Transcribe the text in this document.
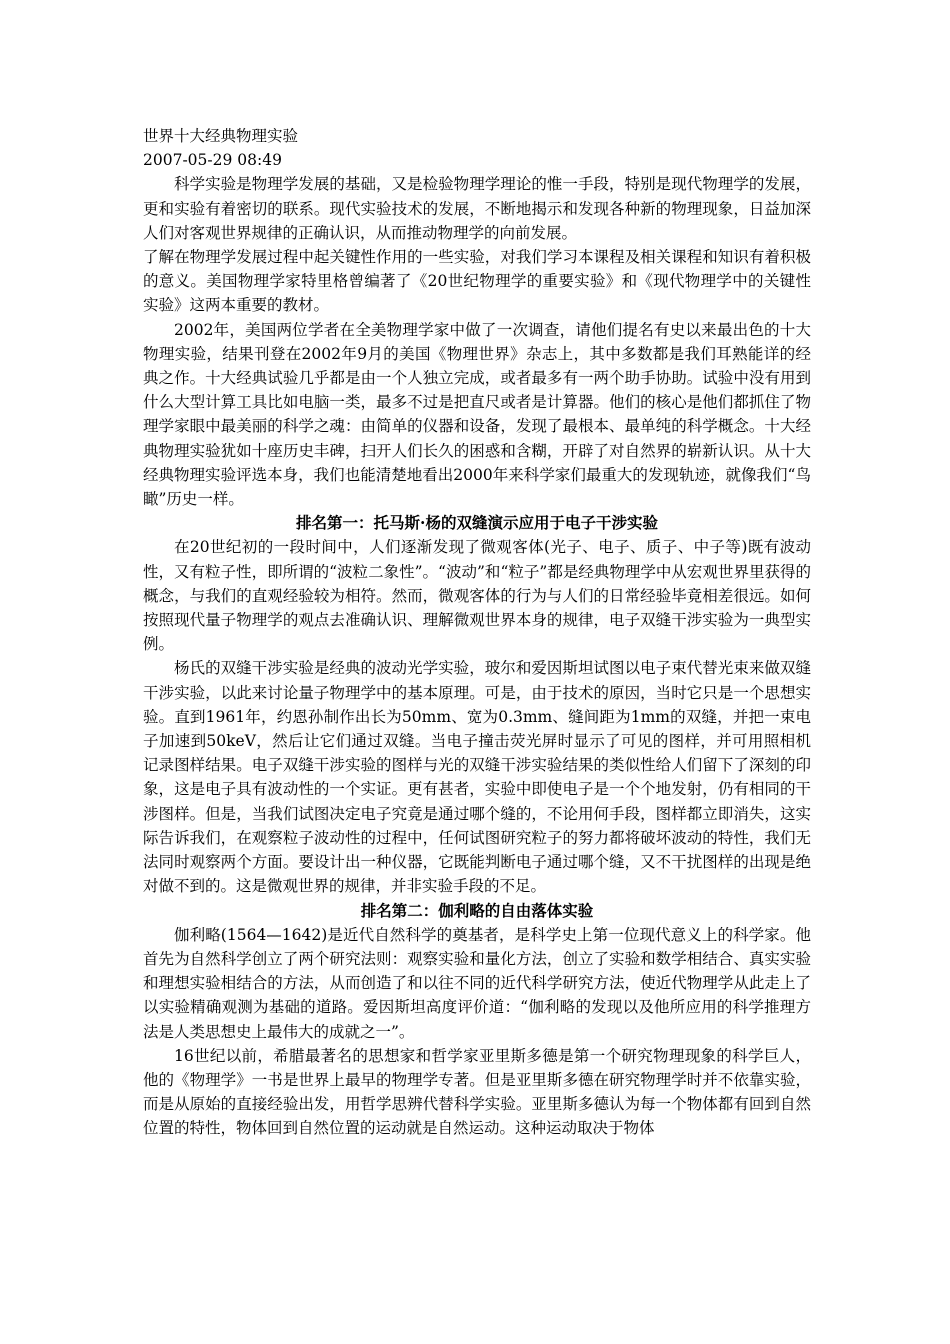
世界十大经典物理实验
2007-05-29 08:49

科学实验是物理学发展的基础，又是检验物理学理论的惟一手段，特别是现代物理学的发展，更和实验有着密切的联系。现代实验技术的发展，不断地揭示和发现各种新的物理现象，日益加深人们对客观世界规律的正确认识，从而推动物理学的向前发展。

了解在物理学发展过程中起关键性作用的一些实验，对我们学习本课程及相关课程和知识有着积极的意义。美国物理学家特里格曾编著了《20世纪物理学的重要实验》和《现代物理学中的关键性实验》这两本重要的教材。

2002年，美国两位学者在全美物理学家中做了一次调查，请他们提名有史以来最出色的十大物理实验，结果刊登在2002年9月的美国《物理世界》杂志上，其中多数都是我们耳熟能详的经典之作。十大经典试验几乎都是由一个人独立完成，或者最多有一两个助手协助。试验中没有用到什么大型计算工具比如电脑一类，最多不过是把直尺或者是计算器。他们的核心是他们都抓住了物理学家眼中最美丽的科学之魂：由简单的仪器和设备，发现了最根本、最单纯的科学概念。十大经典物理实验犹如十座历史丰碑，扫开人们长久的困惑和含糊，开辟了对自然界的崭新认识。从十大经典物理实验评选本身，我们也能清楚地看出2000年来科学家们最重大的发现轨迹，就像我们“鸟瞰”历史一样。

排名第一：托马斯·杨的双缝演示应用于电子干涉实验

在20世纪初的一段时间中，人们逐渐发现了微观客体(光子、电子、质子、中子等)既有波动性，又有粒子性，即所谓的“波粒二象性”。“波动”和“粒子”都是经典物理学中从宏观世界里获得的概念，与我们的直观经验较为相符。然而，微观客体的行为与人们的日常经验毕竟相差很远。如何按照现代量子物理学的观点去准确认识、理解微观世界本身的规律，电子双缝干涉实验为一典型实例。

杨氏的双缝干涉实验是经典的波动光学实验，玻尔和爱因斯坦试图以电子束代替光束来做双缝干涉实验，以此来讨论量子物理学中的基本原理。可是，由于技术的原因，当时它只是一个思想实验。直到1961年，约恩孙制作出长为50mm、宽为0.3mm、缝间距为1mm的双缝，并把一束电子加速到50keV，然后让它们通过双缝。当电子撞击荧光屏时显示了可见的图样，并可用照相机记录图样结果。电子双缝干涉实验的图样与光的双缝干涉实验结果的类似性给人们留下了深刻的印象，这是电子具有波动性的一个实证。更有甚者，实验中即使电子是一个个地发射，仍有相同的干涉图样。但是，当我们试图决定电子究竟是通过哪个缝的，不论用何手段，图样都立即消失，这实际告诉我们，在观察粒子波动性的过程中，任何试图研究粒子的努力都将破坏波动的特性，我们无法同时观察两个方面。要设计出一种仪器，它既能判断电子通过哪个缝，又不干扰图样的出现是绝对做不到的。这是微观世界的规律，并非实验手段的不足。

排名第二：伽利略的自由落体实验

伽利略(1564—1642)是近代自然科学的奠基者，是科学史上第一位现代意义上的科学家。他首先为自然科学创立了两个研究法则：观察实验和量化方法，创立了实验和数学相结合、真实实验和理想实验相结合的方法，从而创造了和以往不同的近代科学研究方法，使近代物理学从此走上了以实验精确观测为基础的道路。爱因斯坦高度评价道：“伽利略的发现以及他所应用的科学推理方法是人类思想史上最伟大的成就之一”。

16世纪以前，希腊最著名的思想家和哲学家亚里斯多德是第一个研究物理现象的科学巨人，他的《物理学》一书是世界上最早的物理学专著。但是亚里斯多德在研究物理学时并不依靠实验，而是从原始的直接经验出发，用哲学思辨代替科学实验。亚里斯多德认为每一个物体都有回到自然位置的特性，物体回到自然位置的运动就是自然运动。这种运动取决于物体
